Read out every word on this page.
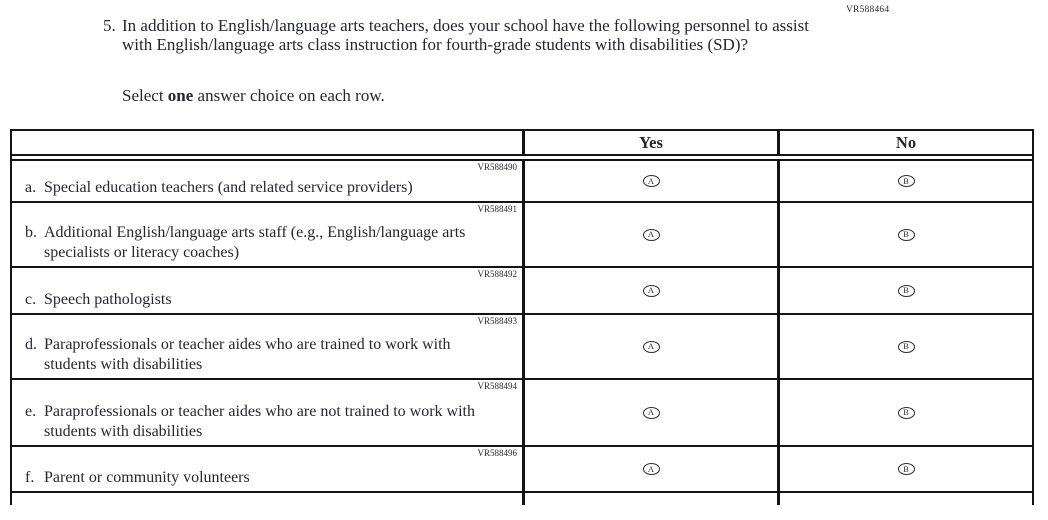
VR588464
5. In addition to English/language arts teachers, does your school have the following personnel to assist with English/language arts class instruction for fourth-grade students with disabilities (SD)?
Select one answer choice on each row.
Yes	No
VR588490
a. Special education teachers (and related service providers)	A	B
VR588491
b. Additional English/language arts staff (e.g., English/language arts specialists or literacy coaches)
A	B
VR588492
c. Speech pathologists
A	B
VR588493
d. Paraprofessionals or teacher aides who are trained to work with students with disabilities
A	B
VR588494
e. Paraprofessionals or teacher aides who are not trained to work with students with disabilities
A	B
VR588496
f. Parent or community volunteers
A	B
